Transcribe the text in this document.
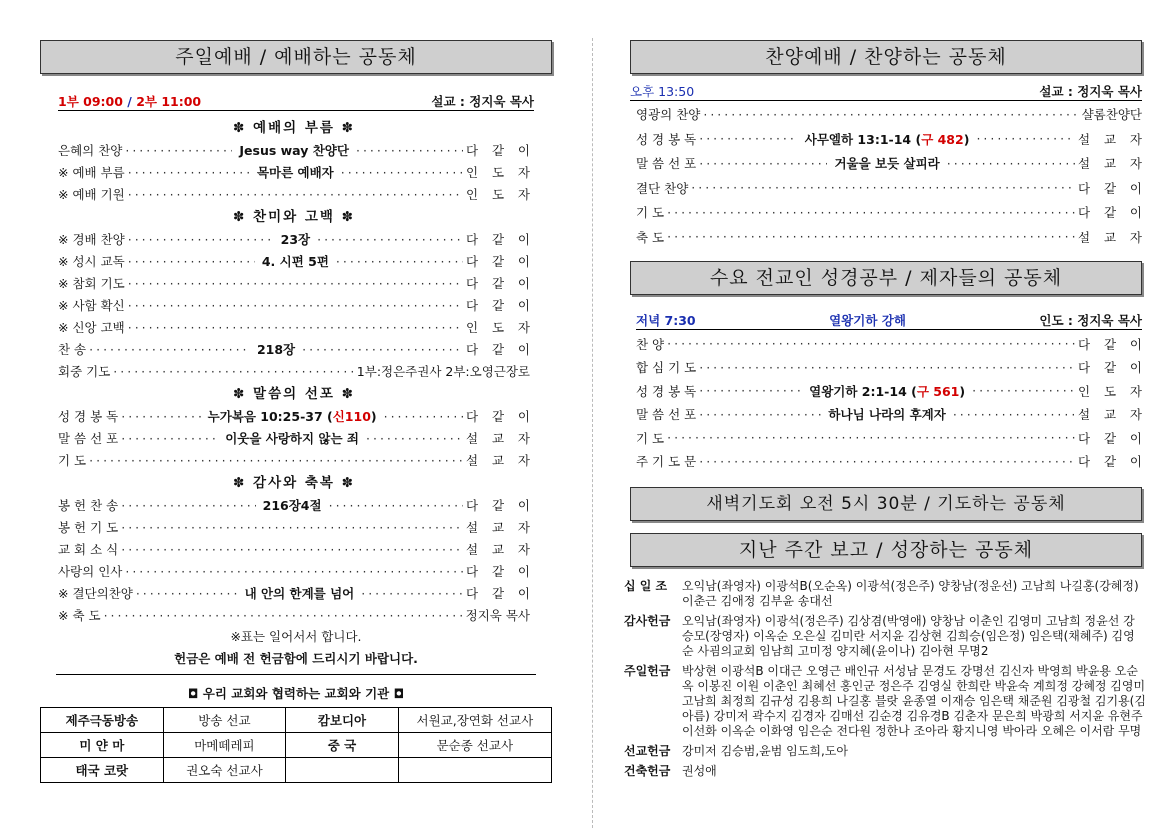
주일예배 / 예배하는 공동체
1부 09:00 / 2부 11:00	설교 : 정지욱 목사
✽ 예배의 부름 ✽
은혜의 찬양 ·····	Jesus way 찬양단 ·····	다 같 이
※ 예배 부름 ·····	목마른 예배자 ·····	인 도 자
※ 예배 기원 ·····	인 도 자
✽ 찬미와 고백 ✽
※ 경배 찬양 ·····	23장 ·····	다 같 이
※ 성시 교독 ·····	4. 시편 5편 ·····	다 같 이
※ 참회 기도 ·····	다 같 이
※ 사함 확신 ·····	다 같 이
※ 신앙 고백 ·····	인 도 자
찬 송 ·····	218장 ·····	다 같 이
회중 기도 ·····	1부:정은주권사 2부:오영근장로
✽ 말씀의 선포 ✽
성 경 봉 독 ·····	누가복음 10:25-37 (신110) ·····	다 같 이
말 씀 선 포 ·····	이웃을 사랑하지 않는 죄 ·····	설 교 자
기 도 ·····	설 교 자
✽ 감사와 축복 ✽
봉 헌 찬 송 ·····	216장4절 ·····	다 같 이
봉 헌 기 도 ·····	설 교 자
교 회 소 식 ·····	설 교 자
사랑의 인사 ·····	다 같 이
※ 결단의찬양 ·····	내 안의 한계를 넘어 ·····	다 같 이
※ 축 도 ·····	정지욱 목사
※표는 일어서서 합니다.
헌금은 예배 전 헌금함에 드리시기 바랍니다.
◘ 우리 교회와 협력하는 교회와 기관 ◘
제주극동방송	방송 선교	캄보디아	서원교,장연화 선교사
미 얀 마	마메떼레피	중 국	문순종 선교사
태국 코랏	권오숙 선교사		
찬양예배 / 찬양하는 공동체
오후 13:50	설교 : 정지욱 목사
영광의 찬양 ·····	샬롬찬양단
성 경 봉 독 ·····	사무엘하 13:1-14 (구 482) ·····	설 교 자
말 씀 선 포 ·····	거울을 보듯 살피라 ·····	설 교 자
결단 찬양 ·····	다 같 이
기 도 ·····	다 같 이
축 도 ·····	설 교 자
수요 전교인 성경공부 / 제자들의 공동체
저녁 7:30	열왕기하 강해	인도 : 정지욱 목사
찬 양 ·····	다 같 이
합 심 기 도 ·····	다 같 이
성 경 봉 독 ·····	열왕기하 2:1-14 (구 561) ·····	인 도 자
말 씀 선 포 ·····	하나님 나라의 후계자 ·····	설 교 자
기 도 ·····	다 같 이
주 기 도 문 ·····	다 같 이
새벽기도회 오전 5시 30분 / 기도하는 공동체
지난 주간 보고 / 성장하는 공동체
십 일 조	오익남(좌영자) 이광석B(오순옥) 이광석(정은주) 양창남(정운선) 고남희 나길홍(강혜정) 이춘근 김애정 김부윤 송대선
감사헌금 오익남(좌영자) 이광석(정은주) 김상겸(박영애) 양창남 이춘인 김영미 고남희 정윤선 강승모(장영자) 이옥순 오은실 김미란 서지윤 김상현 김희승(임은정) 임은택(채혜주) 김영순 사굄의교회 임남희 고미정 양지혜(윤이나) 김아현 무명2
주일헌금 박상현 이광석B 이대근 오영근 배인규 서성남 문경도 강명선 김신자 박영희 박윤용 오순옥 이봉진 이원 이춘인 최혜선 홍인군 정은주 김영실 한희란 박윤숙 계희정 강혜정 김영미 고남희 최정희 김규성 김용희 나길홍 블랏 윤종열 이재승 임은택 채준원 김광철 김기용(김아름) 강미저 곽수지 김경자 김매선 김순경 김유경B 김춘자 문은희 박광희 서지윤 유현주 이선화 이옥순 이화영 임은순 전다원 정한나 조아라 황지니영 박아라 오혜은 이서람 무명
선교헌금 강미저 김승범,윤범 임도희,도아
건축헌금 권성애
